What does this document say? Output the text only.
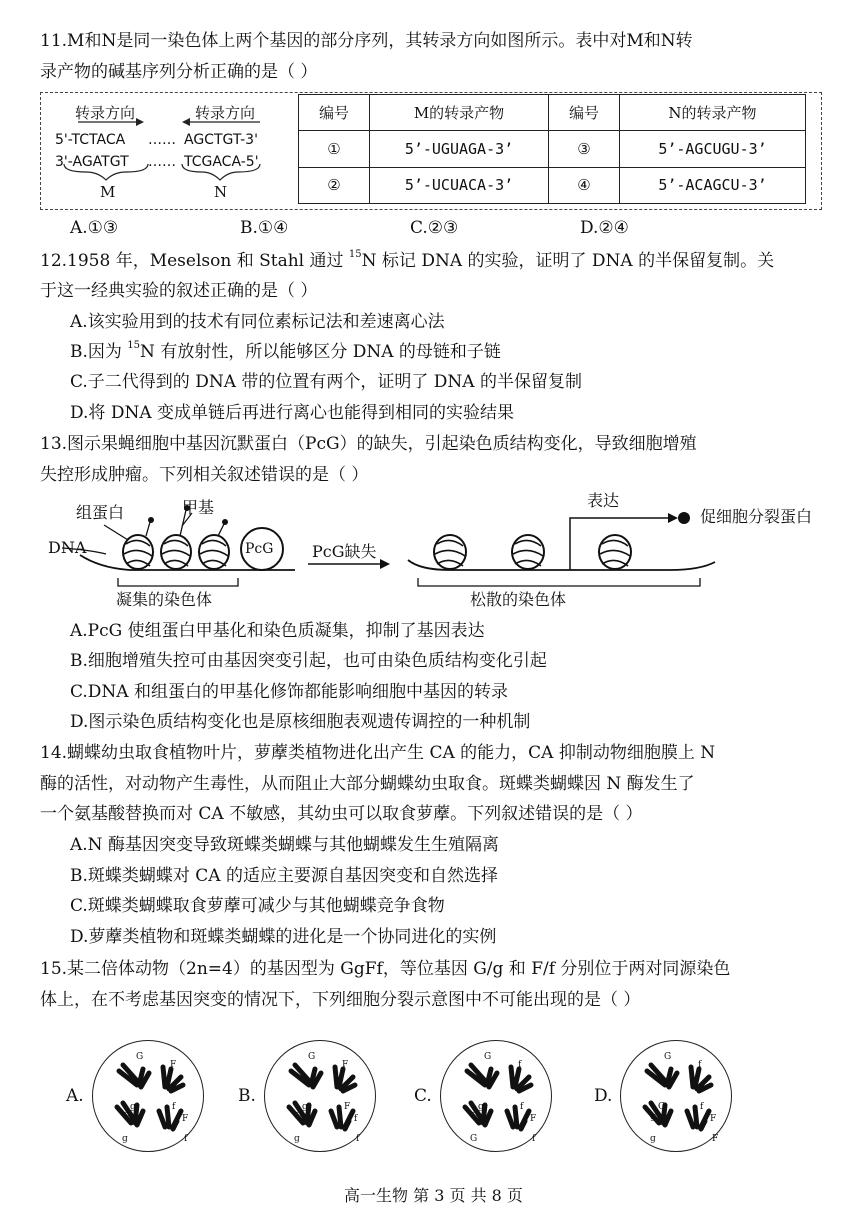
11.M和N是同一染色体上两个基因的部分序列，其转录方向如图所示。表中对M和N转
录产物的碱基序列分析正确的是（ ）
转录方向	转录方向
5'-TCTACA …… AGCTGT-3'
3'-AGATGT …… TCGACA-5'
M	N
编号	M的转录产物	编号	N的转录产物
①	5’-UGUAGA-3’	③	5’-AGCUGU-3’
②	5’-UCUACA-3’	④	5’-ACAGCU-3’
A.①③	B.①④	C.②③	D.②④
12.1958 年，Meselson 和 Stahl 通过 $^{15}$N 标记 DNA 的实验，证明了 DNA 的半保留复制。关
于这一经典实验的叙述正确的是（ ）
A.该实验用到的技术有同位素标记法和差速离心法
B.因为 $^{15}$N 有放射性，所以能够区分 DNA 的母链和子链
C.子二代得到的 DNA 带的位置有两个，证明了 DNA 的半保留复制
D.将 DNA 变成单链后再进行离心也能得到相同的实验结果
13.图示果蝇细胞中基因沉默蛋白（PcG）的缺失，引起染色质结构变化，导致细胞增殖
失控形成肿瘤。下列相关叙述错误的是（ ）
组蛋白	甲基
DNA	PcG PcG缺失
表达
促细胞分裂蛋白
凝集的染色体	松散的染色体
A.PcG 使组蛋白甲基化和染色质凝集，抑制了基因表达
B.细胞增殖失控可由基因突变引起，也可由染色质结构变化引起
C.DNA 和组蛋白的甲基化修饰都能影响细胞中基因的转录
D.图示染色质结构变化也是原核细胞表观遗传调控的一种机制
14.蝴蝶幼虫取食植物叶片，萝藦类植物进化出产生 CA 的能力，CA 抑制动物细胞膜上 N
酶的活性，对动物产生毒性，从而阻止大部分蝴蝶幼虫取食。斑蝶类蝴蝶因 N 酶发生了
一个氨基酸替换而对 CA 不敏感，其幼虫可以取食萝藦。下列叙述错误的是（ ）
A.N 酶基因突变导致斑蝶类蝴蝶与其他蝴蝶发生生殖隔离
B.斑蝶类蝴蝶对 CA 的适应主要源自基因突变和自然选择
C.斑蝶类蝴蝶取食萝藦可减少与其他蝴蝶竞争食物
D.萝藦类植物和斑蝶类蝴蝶的进化是一个协同进化的实例
15.某二倍体动物（2n=4）的基因型为 GgFf，等位基因 G/g 和 F/f 分别位于两对同源染色
体上，在不考虑基因突变的情况下，下列细胞分裂示意图中不可能出现的是（ ）
A.
G
g
F
f
G
g
F
f
B.
G
g
F
F
G
g
f
f
C.
G
g
f
f
G
G
F
f
D.
G
G
f
f
g
g
F
F
高一生物 第 3 页 共 8 页
